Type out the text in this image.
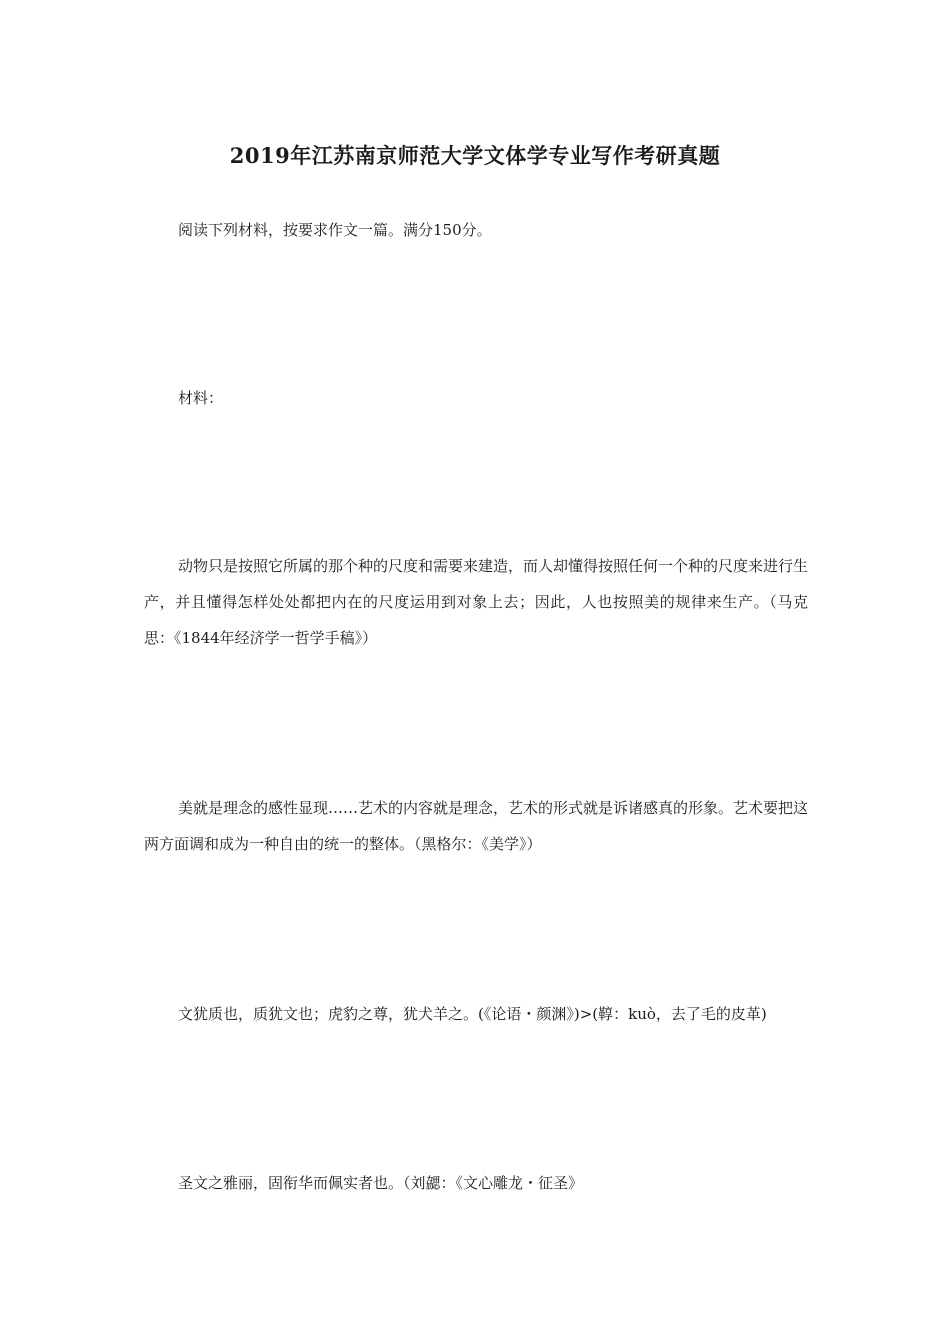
2019年江苏南京师范大学文体学专业写作考研真题

阅读下列材料，按要求作文一篇。满分150分。

材料：

动物只是按照它所属的那个种的尺度和需要来建造，而人却懂得按照任何一个种的尺度来进行生产，并且懂得怎样处处都把内在的尺度运用到对象上去；因此，人也按照美的规律来生产。（马克思：《1844年经济学一哲学手稿》）

美就是理念的感性显现……艺术的内容就是理念，艺术的形式就是诉诸感真的形象。艺术要把这两方面调和成为一种自由的统一的整体。（黑格尔：《美学》）

文犹质也，质犹文也；虎豹之尊，犹犬羊之。(《论语・颜渊》)>(鞟：kuò，去了毛的皮革)

圣文之雅丽，固衔华而佩实者也。（刘勰：《文心雕龙・征圣》
